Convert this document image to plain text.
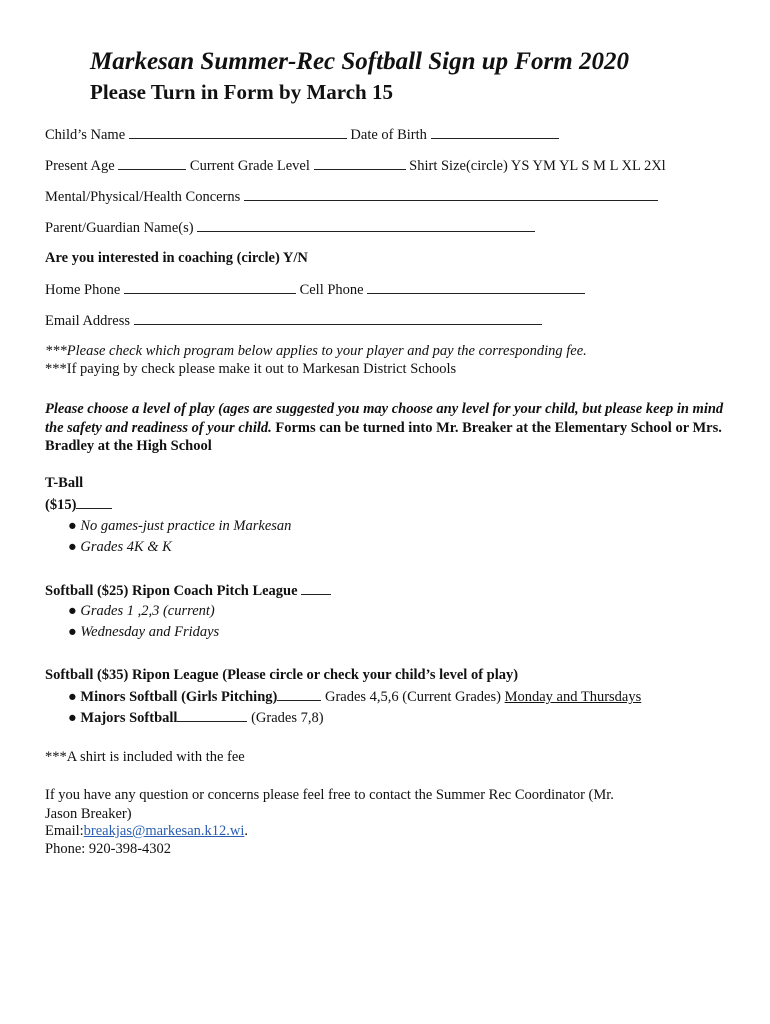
Markesan Summer-Rec Softball Sign up Form 2020
Please Turn in Form by March 15
Child’s Name	Date of Birth
Present Age	Current Grade Level	Shirt Size(circle) YS YM YL S M L XL 2Xl
Mental/Physical/Health Concerns
Parent/Guardian Name(s)
Are you interested in coaching (circle) Y/N
Home Phone	Cell Phone
Email Address
***Please check which program below applies to your player and pay the corresponding fee.
***If paying by check please make it out to Markesan District Schools
Please choose a level of play (ages are suggested you may choose any level for your child, but please keep in mind the safety and readiness of your child. Forms can be turned into Mr. Breaker at the Elementary School or Mrs. Bradley at the High School
T-Ball
($15)
● No games-just practice in Markesan
● Grades 4K & K
Softball ($25) Ripon Coach Pitch League
● Grades 1 ,2,3 (current)
● Wednesday and Fridays
Softball ($35) Ripon League (Please circle or check your child’s level of play)
● Minors Softball (Girls Pitching)	Grades 4,5,6 (Current Grades) Monday and Thursdays
● Majors Softball	(Grades 7,8)
***A shirt is included with the fee
If you have any question or concerns please feel free to contact the Summer Rec Coordinator (Mr. Jason Breaker)
Email:breakjas@markesan.k12.wi.
Phone: 920-398-4302
